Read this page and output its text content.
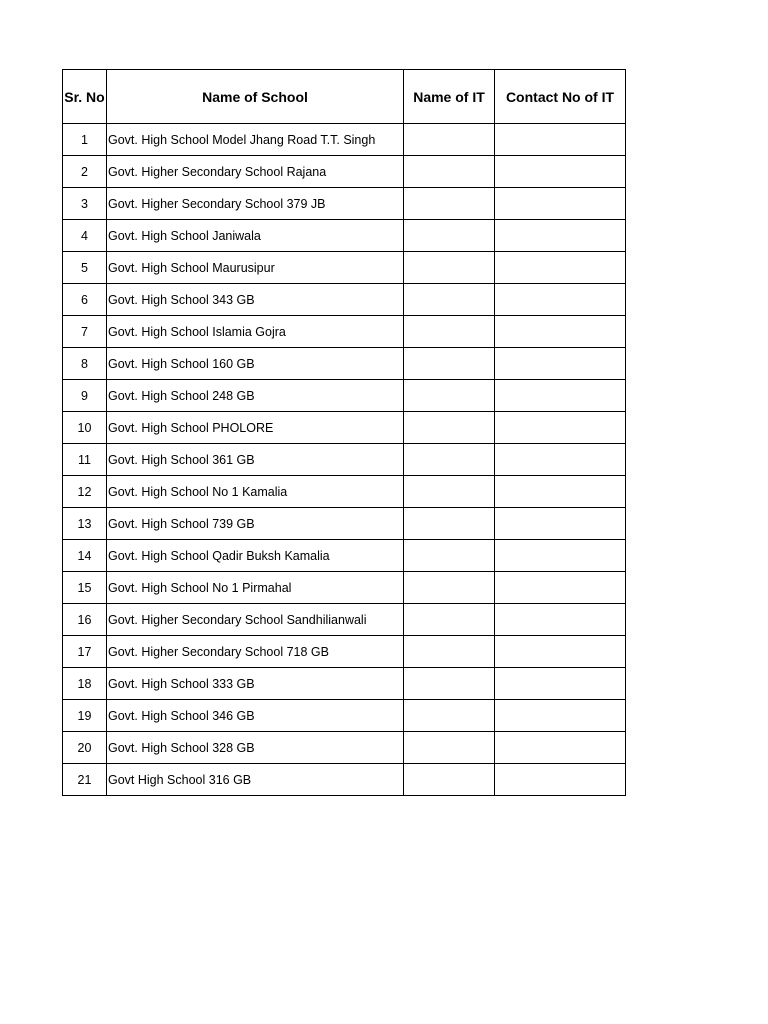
Sr. No	Name of School	Name of IT	Contact No of IT
1	Govt. High School Model Jhang Road T.T. Singh		
2	Govt. Higher Secondary School Rajana		
3	Govt. Higher Secondary School 379 JB		
4	Govt. High School Janiwala		
5	Govt. High School Maurusipur		
6	Govt. High School 343 GB		
7	Govt. High School Islamia Gojra		
8	Govt. High School 160 GB		
9	Govt. High School 248 GB		
10	Govt. High School PHOLORE		
11	Govt. High School 361 GB		
12	Govt. High School No 1 Kamalia		
13	Govt. High School 739 GB		
14	Govt. High School Qadir Buksh Kamalia		
15	Govt. High School No 1 Pirmahal		
16	Govt. Higher Secondary School Sandhilianwali		
17	Govt. Higher Secondary School 718 GB		
18	Govt. High School 333 GB		
19	Govt. High School 346 GB		
20	Govt. High School 328 GB		
21	Govt High School 316 GB		
